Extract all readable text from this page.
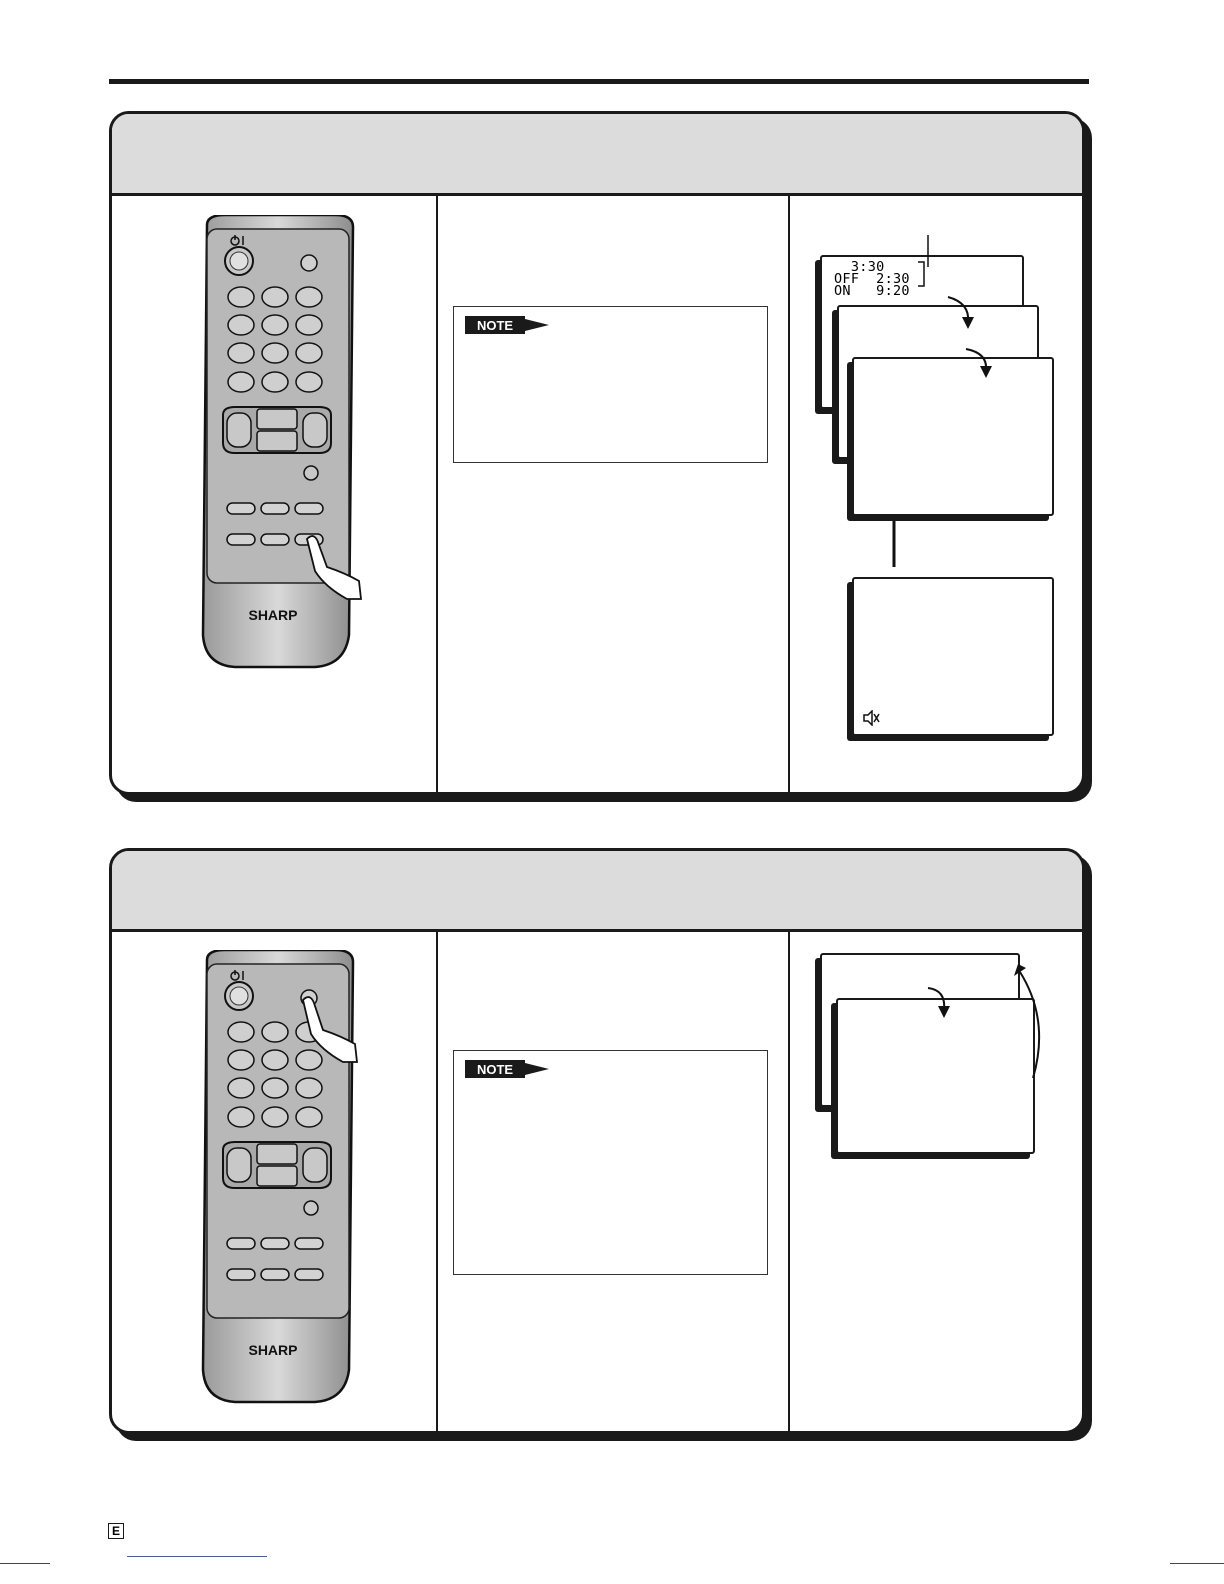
SHARP
NOTE
3:30
OFF  2:30
ON   9:20
SHARP
NOTE
E
